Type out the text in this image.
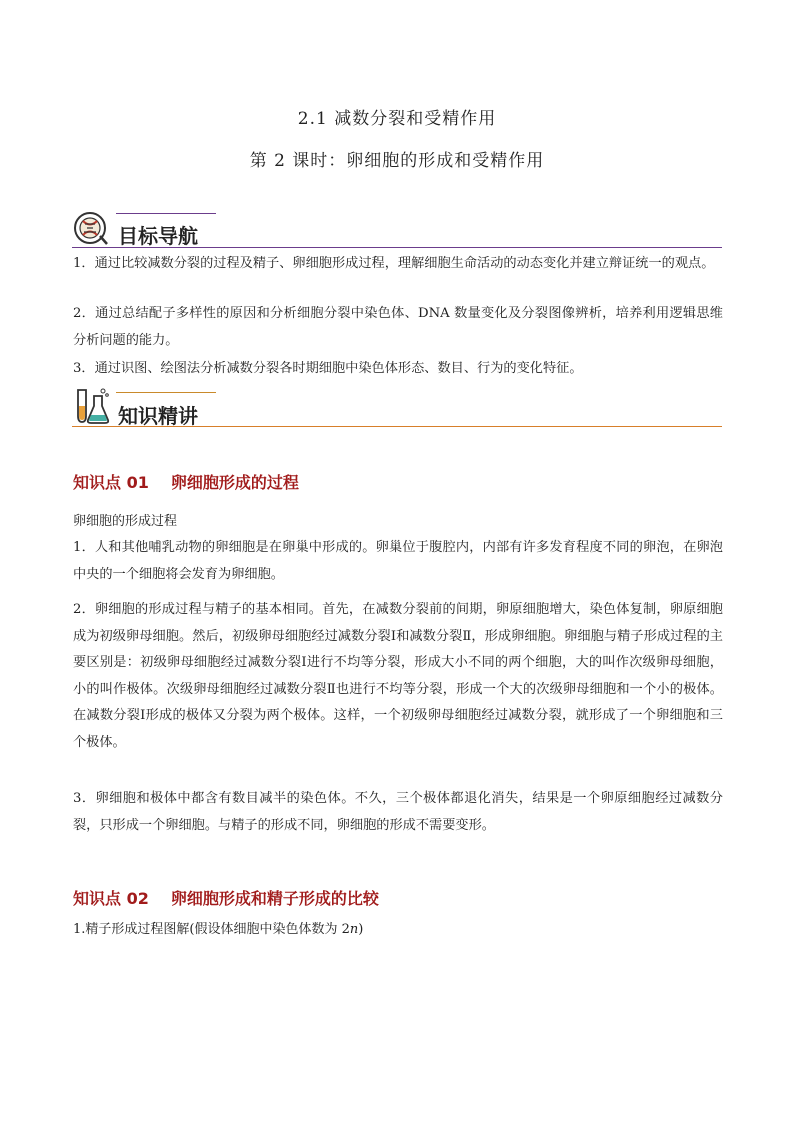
2.1 减数分裂和受精作用
第 2 课时：卵细胞的形成和受精作用
目标导航

1．通过比较减数分裂的过程及精子、卵细胞形成过程，理解细胞生命活动的动态变化并建立辩证统一的观点。

2．通过总结配子多样性的原因和分析细胞分裂中染色体、DNA 数量变化及分裂图像辨析，培养利用逻辑思维分析问题的能力。

3．通过识图、绘图法分析减数分裂各时期细胞中染色体形态、数目、行为的变化特征。

知识精讲
知识点 01 卵细胞形成的过程
卵细胞的形成过程

1．人和其他哺乳动物的卵细胞是在卵巢中形成的。卵巢位于腹腔内，内部有许多发育程度不同的卵泡，在卵泡中央的一个细胞将会发育为卵细胞。

2．卵细胞的形成过程与精子的基本相同。首先，在减数分裂前的间期，卵原细胞增大，染色体复制，卵原细胞成为初级卵母细胞。然后，初级卵母细胞经过减数分裂Ⅰ和减数分裂Ⅱ，形成卵细胞。卵细胞与精子形成过程的主要区别是：初级卵母细胞经过减数分裂Ⅰ进行不均等分裂，形成大小不同的两个细胞，大的叫作次级卵母细胞，小的叫作极体。次级卵母细胞经过减数分裂Ⅱ也进行不均等分裂，形成一个大的次级卵母细胞和一个小的极体。在减数分裂Ⅰ形成的极体又分裂为两个极体。这样，一个初级卵母细胞经过减数分裂，就形成了一个卵细胞和三个极体。

3．卵细胞和极体中都含有数目减半的染色体。不久，三个极体都退化消失，结果是一个卵原细胞经过减数分裂，只形成一个卵细胞。与精子的形成不同，卵细胞的形成不需要变形。

知识点 02 卵细胞形成和精子形成的比较
1.精子形成过程图解(假设体细胞中染色体数为 2n)
